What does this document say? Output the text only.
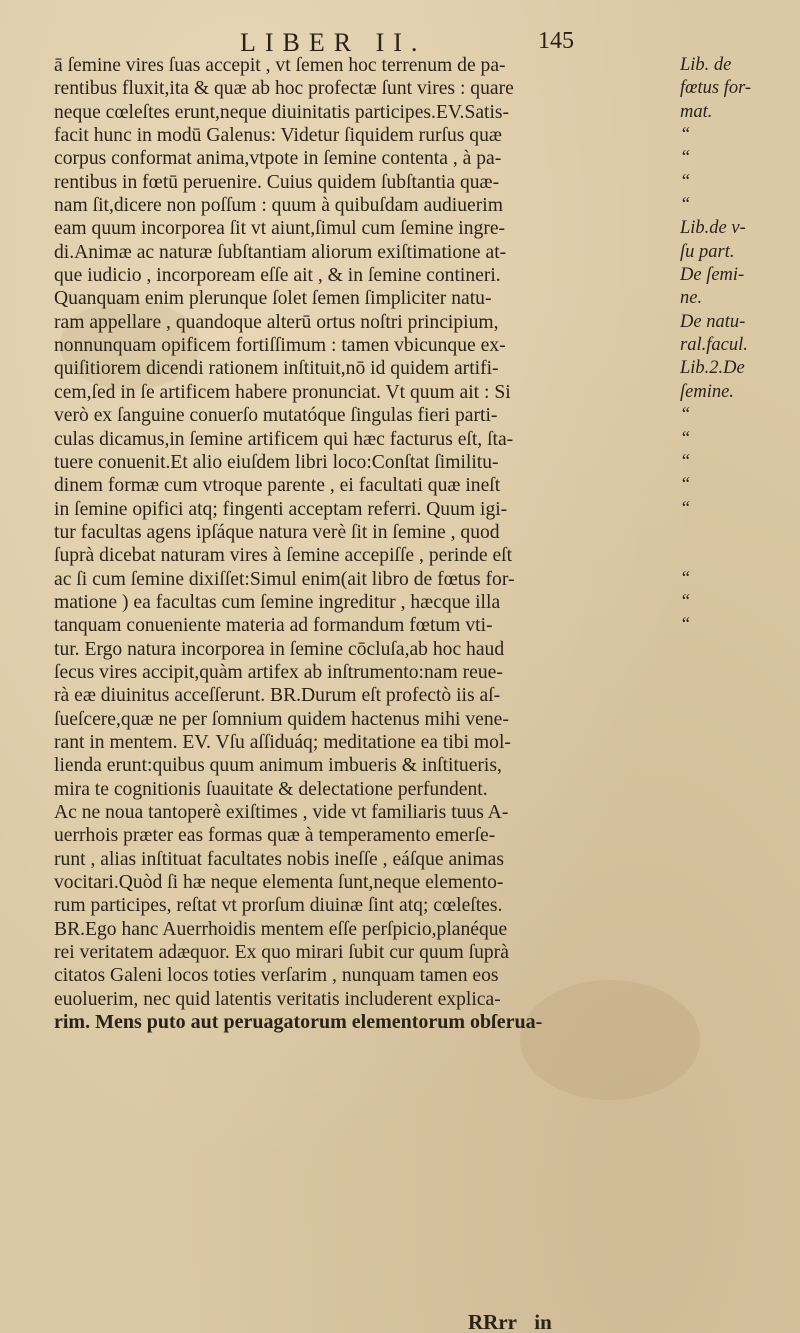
LIBER II.	145
ā ſemine vires ſuas accepit , vt ſemen hoc terrenum de pa-
rentibus fluxit,ita & quæ ab hoc profectæ ſunt vires : quare
neque cœleſtes erunt,neque diuinitatis participes.EV.Satis-
facit hunc in modū Galenus: Videtur ſiquidem rurſus quæ
corpus conformat anima,vtpote in ſemine contenta , à pa-
rentibus in fœtū peruenire. Cuius quidem ſubſtantia quæ-
nam ſit,dicere non poſſum : quum à quibuſdam audiuerim
eam quum incorporea ſit vt aiunt,ſimul cum ſemine ingre-
di.Animæ ac naturæ ſubſtantiam aliorum exiſtimatione at-
que iudicio , incorpoream eſſe ait , & in ſemine contineri.
Quanquam enim plerunque ſolet ſemen ſimpliciter natu-
ram appellare , quandoque alterū ortus noſtri principium,
nonnunquam opificem fortiſſimum : tamen vbicunque ex-
quiſitiorem dicendi rationem inſtituit,nō id quidem artifi-
cem,ſed in ſe artificem habere pronunciat. Vt quum ait : Si
verò ex ſanguine conuerſo mutatóque ſingulas fieri parti-
culas dicamus,in ſemine artificem qui hæc facturus eſt, ſta-
tuere conuenit.Et alio eiuſdem libri loco:Conſtat ſimilitu-
dinem formæ cum vtroque parente , ei facultati quæ ineſt
in ſemine opifici atq; fingenti acceptam referri. Quum igi-
tur facultas agens ipſáque natura verè ſit in ſemine , quod
ſuprà dicebat naturam vires à ſemine accepiſſe , perinde eſt
ac ſi cum ſemine dixiſſet:Simul enim(ait libro de fœtus for-
matione ) ea facultas cum ſemine ingreditur , hæcque illa
tanquam conueniente materia ad formandum fœtum vti-
tur. Ergo natura incorporea in ſemine cōcluſa,ab hoc haud
ſecus vires accipit,quàm artifex ab inſtrumento:nam reue-
rà eæ diuinitus acceſſerunt. BR.Durum eſt profectò iis aſ-
ſueſcere,quæ ne per ſomnium quidem hactenus mihi vene-
rant in mentem. EV. Vſu aſſiduáq; meditatione ea tibi mol-
lienda erunt:quibus quum animum imbueris & inſtitueris,
mira te cognitionis ſuauitate & delectatione perfundent.
Ac ne noua tantoperè exiſtimes , vide vt familiaris tuus A-
uerrhois præter eas formas quæ à temperamento emerſe-
runt , alias inſtituat facultates nobis ineſſe , eáſque animas
vocitari.Quòd ſi hæ neque elementa ſunt,neque elemento-
rum participes, reſtat vt prorſum diuinæ ſint atq; cœleſtes.
BR.Ego hanc Auerrhoidis mentem eſſe perſpicio,planéque
rei veritatem adæquor. Ex quo mirari ſubit cur quum ſuprà
citatos Galeni locos toties verſarim , nunquam tamen eos
euoluerim, nec quid latentis veritatis includerent explica-
rim. Mens puto aut peruagatorum elementorum obſerua-
Lib. de
fœtus for-
mat.
“
“
“
“
Lib.de v-
ſu part.
De ſemi-
ne.
De natu-
ral.facul.
Lib.2.De
ſemine.
“
“
“
“
“
“
“
“
RRrr in
